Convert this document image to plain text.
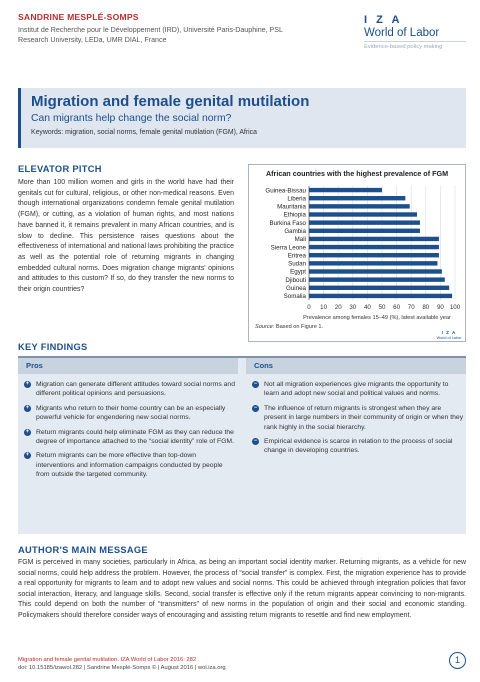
SANDRINE MESPLÉ-SOMPS
Institut de Recherche pour le Développement (IRD), Université Paris-Dauphine, PSL Research University, LEDa, UMR DIAL, France
I Z A
World of Labor
Evidence-based policy making
Migration and female genital mutilation
Can migrants help change the social norm?
Keywords: migration, social norms, female genital mutilation (FGM), Africa
ELEVATOR PITCH
More than 100 million women and girls in the world have had their genitals cut for cultural, religious, or other non-medical reasons. Even though international organizations condemn female genital mutilation (FGM), or cutting, as a violation of human rights, and most nations have banned it, it remains prevalent in many African countries, and is slow to decline. This persistence raises questions about the effectiveness of international and national laws prohibiting the practice as well as the potential role of returning migrants in changing embedded cultural norms. Does migration change migrants' opinions and attitudes to this custom? If so, do they transfer the new norms to their origin countries?
African countries with the highest prevalence of FGM
0 10 20 30 40 50 60 70 80 90 100
Guinea-Bissau
Liberia
Mauritania
Ethiopia
Burkina Faso
Gambia
Mali
Sierra Leone
Eritrea
Sudan
Egypt
Djibouti
Guinea
Somalia
Prevalence among females 15–49 (%), latest available year
Source: Based on Figure 1.
I Z A
World of Labor
KEY FINDINGS
Pros	Cons
+ Migration can generate different attitudes toward social norms and different political opinions and persuasions.
+ Migrants who return to their home country can be an especially powerful vehicle for engendering new social norms.
+ Return migrants could help eliminate FGM as they can reduce the degree of importance attached to the “social identity” role of FGM.
+ Return migrants can be more effective than top-down interventions and information campaigns conducted by people from outside the targeted community.
− Not all migration experiences give migrants the opportunity to learn and adopt new social and political values and norms.
− The influence of return migrants is strongest when they are present in large numbers in their community of origin or when they rank highly in the social hierarchy.
− Empirical evidence is scarce in relation to the process of social change in developing countries.
AUTHOR'S MAIN MESSAGE
FGM is perceived in many societies, particularly in Africa, as being an important social identity marker. Returning migrants, as a vehicle for new social norms, could help address the problem. However, the process of “social transfer” is complex. First, the migration experience has to provide a real opportunity for migrants to learn and to adopt new values and social norms. This could be achieved through integration policies that favor social interaction, literacy, and language skills. Second, social transfer is effective only if the return migrants appear convincing to non-migrants. This could depend on both the number of “transmitters” of new norms in the population of origin and their social and economic standing. Policymakers should therefore consider ways of encouraging and assisting return migrants to resettle and find new employment.
Migration and female genital mutilation. IZA World of Labor 2016: 282
doi: 10.15185/izawol.282 | Sandrine Mesplé-Somps © | August 2016 | wol.iza.org
1
